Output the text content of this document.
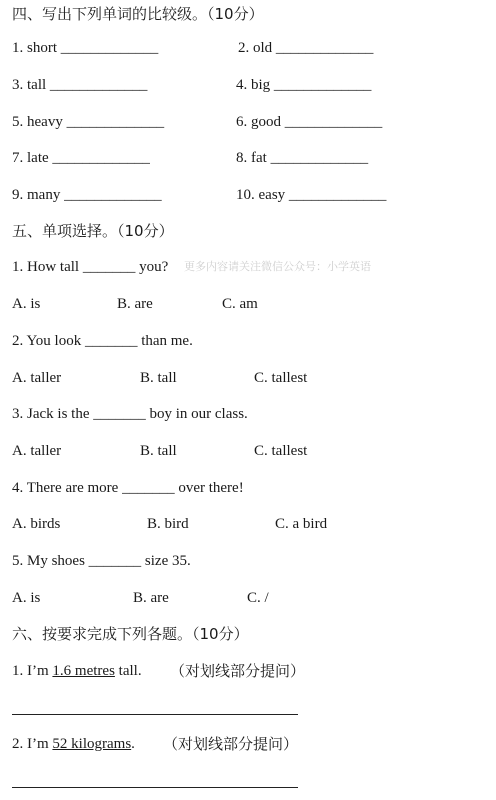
四、写出下列单词的比较级。（10分）
1. short _____________	2. old _____________
3. tall _____________	4. big _____________
5. heavy _____________	6. good _____________
7. late _____________	8. fat _____________
9. many _____________	10. easy _____________
五、单项选择。（10分）
1. How tall _______ you? 更多内容请关注微信公众号：小学英语
A. is	B. are	C. am
2. You look _______ than me.
A. taller	B. tall	C. tallest
3. Jack is the _______ boy in our class.
A. taller	B. tall	C. tallest
4. There are more _______ over there!
A. birds	B. bird	C. a bird
5. My shoes _______ size 35.
A. is	B. are	C. /
六、按要求完成下列各题。（10分）
1. I’m 1.6 metres tall. （对划线部分提问）
2. I’m 52 kilograms. （对划线部分提问）
